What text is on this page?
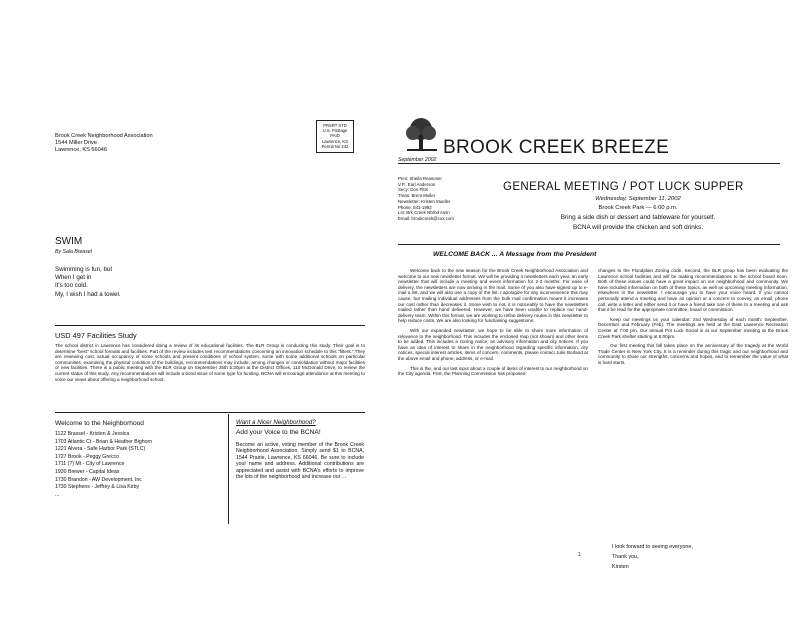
Brook Creek Neighborhood Association
1544 Miller Drive
Lawrence, KS 66046
PRSRT STD
U.S. Postage
PAID
Lawrence, KS
Permit No 242
SWIM
By Sala Breasel
Swimming is fun, but
When I get in
It's too cold.
My, I wish I had a towel.
USD 497 Facilities Study
The school district in Lawrence has considered doing a review of its educational facilities. The BLR Group is conducting this study. Their goal is to determine "best" school formats and facilities. Part of the review includes test recommendations concerning an innovation schedule to this "filters." They are reviewing cost, actual occupancy of some schools and present conditions of school system, some with some additional schools on particular communities, examining the physical condition of the buildings, recommendations may include, among changes or consolidation without major facilities or new facilities. There is a public meeting with the BLR Group on September 25th 5:30pm at the District Offices, 110 McDonald Drive, to review the current status of this study. Any recommendations will include a bond issue of some type for funding. BCNA will encourage attendance at this meeting to voice our views about offering a neighborhood school.
Welcome to the Neighborhood
1122 Brassel - Kristen & Jessica
1703 Atlantic Ct - Brian & Heather Bighorn
1221 Alvera - Safe Harbor Park (STLC)
1727 Brook - Peggy Grecco
1711 (?) Mt - City of Lawrence
1930 Brewer - Capital Ideas
1730 Brandon - AW Development, Inc
1730 Stephens - Jeffrey & Lisa Kirby
...
Want a Nicer Neighborhood?
Add your Voice to the BCNA!
Become an active, voting member of the Brook Creek Neighborhood Association. Simply send $1 to BCNA, 1544 Prairie, Lawrence, KS 66046. Be sure to include your name and address. Additional contributions are appreciated and assist with BCNA's efforts to improve the lots of the neighborhood and increase our ...
BROOK CREEK BREEZE
September 2002
Pres: Sheila Reasoner
V.P.: Earl Anderson
Secy: Don Pitts
Treas: Brent Muller
Newsletter: Kristen Mueller
Phone: 841-1992
Lst: Brk Creek Nbrhd Assn
Email: brookcreek@cox.com
GENERAL MEETING / POT LUCK SUPPER
Wednesday, September 11, 2002
Brook Creek Park — 6:00 p.m.
Bring a side dish or dessert and tableware for yourself.
BCNA will provide the chicken and soft drinks.
WELCOME BACK ... A Message from the President

Welcome back to the new season for the Brook Creek Neighborhood Association and welcome to our new newsletter format. We will be providing 4 newsletters each year, an early newsletter that will include a meeting and event information for 2-3 months. For ease of delivery, the newsletters are now arriving in the mail. Some of you also have signed up to e-mail a list, and we will also use a copy of the list. I apologize for any inconvenience this may cause, but mailing individual addresses from the bulk mail confirmation meant it increases our cost rather than decreases it. Some wish to not, it is noticeably to have the newsletters mailed rather than hand delivered. However, we have been unable to replace our hand-delivery team. Within this format, we are working to refine delivery routes in this newsletter to help reduce costs. We are also looking for fundraising suggestions.

With our expanded newsletter, we hope to be able to share more information of relevance to the neighborhood. This includes the enclosed map (not shown) and other items to be added. This includes a zoning notice, an advisory information and city notices. If you have an idea of interest to share in the neighborhood regarding specific information, city notices, special interest articles, items of concern, comments, please contact Julie Borland at the above email and phone, address, or e-mail.

This is the, and our last input about a couple of items of interest to our neighborhood on the City agenda. First, the Planning Commission has proposed

changes to the Floodplain Zoning code. Second, the BLR group has been evaluating the Lawrence school facilities and will be making recommendations to the school board soon. Both of these issues could have a great impact on our neighborhood and community. We have included information on both of these topics, as well as upcoming meeting information, elsewhere in the newsletter. I encourage you to have your voice heard. If you cannot personally attend a meeting and have an opinion or a concern to convey, an email, phone call, write a letter and either send it or have a friend take one of these to a meeting and ask that it be read for the appropriate committee, board or commission.

Keep our meetings on your calendar: 2nd Wednesday of each month: September, December and February (Feb). The meetings are held at the East Lawrence Recreation Center at 7:00 pm. Our annual Pot Luck Social is at our September meeting at the Brook Creek Park shelter starting at 6:00pm.

Our first meeting this fall takes place on the anniversary of the tragedy at the World Trade Center in New York City. It is a reminder during this tragic and our neighborhood and community to share our strengths, concerns and hopes, and to remember the value of what is hard starts.

I look forward to seeing everyone,
Thank you,
Kirsten
1
